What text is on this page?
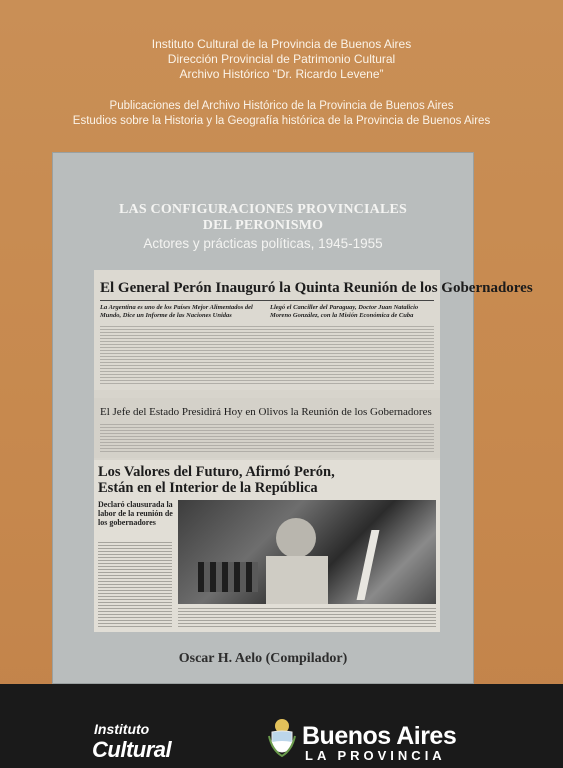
Instituto Cultural de la Provincia de Buenos Aires
Dirección Provincial de Patrimonio Cultural
Archivo Histórico “Dr. Ricardo Levene”
Publicaciones del Archivo Histórico de la Provincia de Buenos Aires
Estudios sobre la Historia y la Geografía histórica de la Provincia de Buenos Aires
LAS CONFIGURACIONES PROVINCIALES
DEL PERONISMO
Actores y prácticas políticas, 1945-1955
El General Perón Inauguró la Quinta Reunión de los Gobernadores
La Argentina es uno de los Países Mejor Alimentados del Mundo, Dice un Informe de las Naciones Unidas
Llegó el Canciller del Paraguay, Doctor Juan Natalicio Moreno González, con la Misión Económica de Cuba
El Jefe del Estado Presidirá Hoy en Olivos la Reunión de los Gobernadores
Los Valores del Futuro, Afirmó Perón,
Están en el Interior de la República
Declaró clausurada la labor de la reunión de los gobernadores
Oscar H. Aelo (Compilador)
Instituto
Cultural	Buenos Aires
LA PROVINCIA
